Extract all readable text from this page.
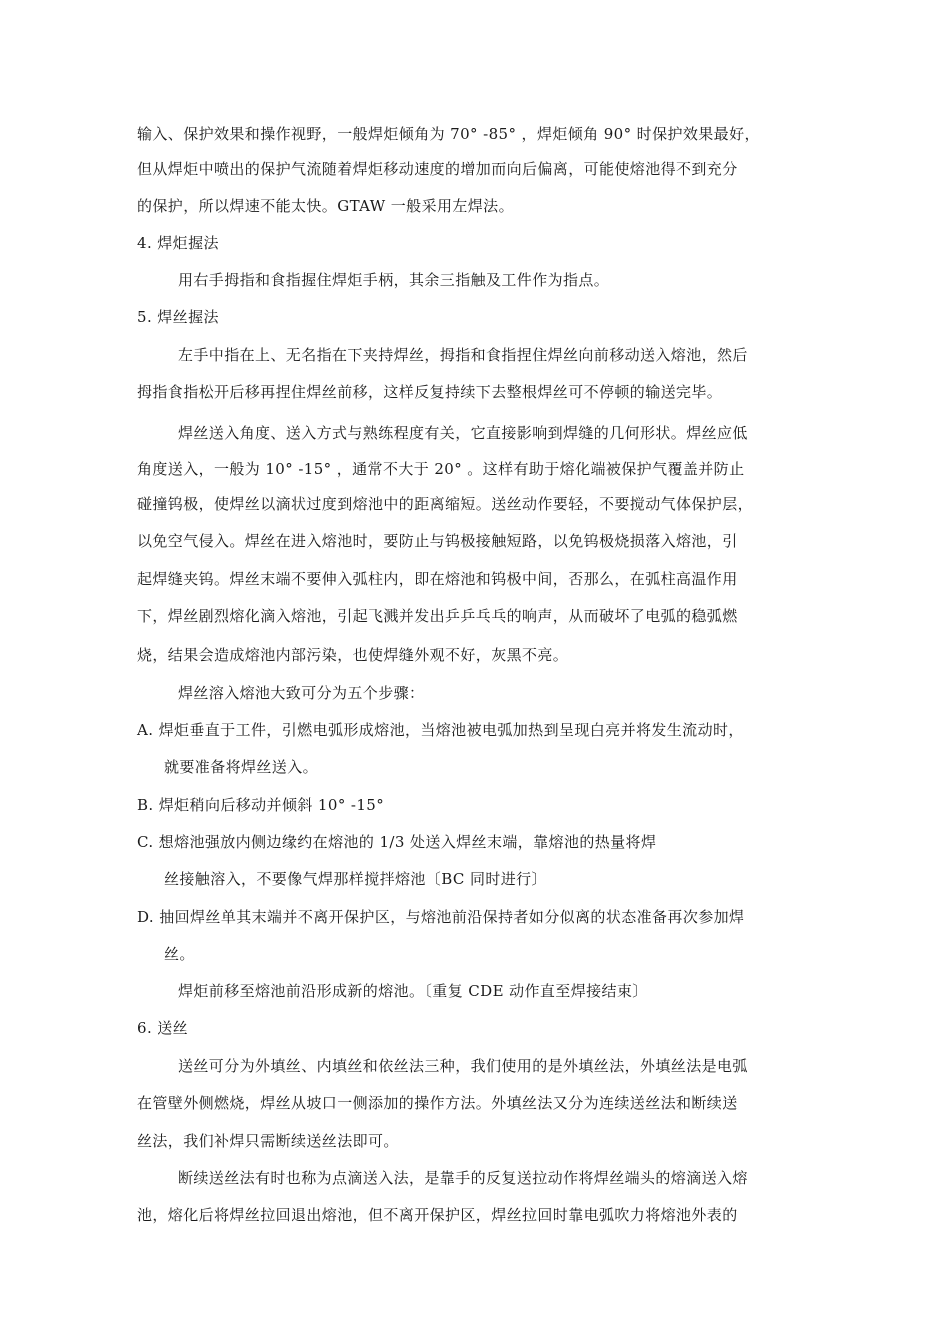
输入、保护效果和操作视野，一般焊炬倾角为 70° -85° ，焊炬倾角 90° 时保护效果最好，
但从焊炬中喷出的保护气流随着焊炬移动速度的增加而向后偏离，可能使熔池得不到充分
的保护，所以焊速不能太快。GTAW 一般采用左焊法。
4. 焊炬握法
用右手拇指和食指握住焊炬手柄，其余三指触及工件作为指点。
5. 焊丝握法
左手中指在上、无名指在下夹持焊丝，拇指和食指捏住焊丝向前移动送入熔池，然后
拇指食指松开后移再捏住焊丝前移，这样反复持续下去整根焊丝可不停顿的输送完毕。
焊丝送入角度、送入方式与熟练程度有关，它直接影响到焊缝的几何形状。焊丝应低
角度送入，一般为 10° -15° ，通常不大于 20° 。这样有助于熔化端被保护气覆盖并防止
碰撞钨极，使焊丝以滴状过度到熔池中的距离缩短。送丝动作要轻，不要搅动气体保护层，
以免空气侵入。焊丝在进入熔池时，要防止与钨极接触短路，以免钨极烧损落入熔池，引
起焊缝夹钨。焊丝末端不要伸入弧柱内，即在熔池和钨极中间，否那么，在弧柱高温作用
下，焊丝剧烈熔化滴入熔池，引起飞溅并发出乒乒乓乓的响声，从而破坏了电弧的稳弧燃
烧，结果会造成熔池内部污染，也使焊缝外观不好，灰黑不亮。
焊丝溶入熔池大致可分为五个步骤：
A. 焊炬垂直于工件，引燃电弧形成熔池，当熔池被电弧加热到呈现白亮并将发生流动时，
就要准备将焊丝送入。
B. 焊炬稍向后移动并倾斜 10° -15°
C. 想熔池强放内侧边缘约在熔池的 1/3 处送入焊丝末端，靠熔池的热量将焊
丝接触溶入，不要像气焊那样搅拌熔池〔BC 同时进行〕
D. 抽回焊丝单其末端并不离开保护区，与熔池前沿保持者如分似离的状态准备再次参加焊
丝。
焊炬前移至熔池前沿形成新的熔池。〔重复 CDE 动作直至焊接结束〕
6. 送丝
送丝可分为外填丝、内填丝和依丝法三种，我们使用的是外填丝法，外填丝法是电弧
在管壁外侧燃烧，焊丝从坡口一侧添加的操作方法。外填丝法又分为连续送丝法和断续送
丝法，我们补焊只需断续送丝法即可。
断续送丝法有时也称为点滴送入法，是靠手的反复送拉动作将焊丝端头的熔滴送入熔
池，熔化后将焊丝拉回退出熔池，但不离开保护区，焊丝拉回时靠电弧吹力将熔池外表的
